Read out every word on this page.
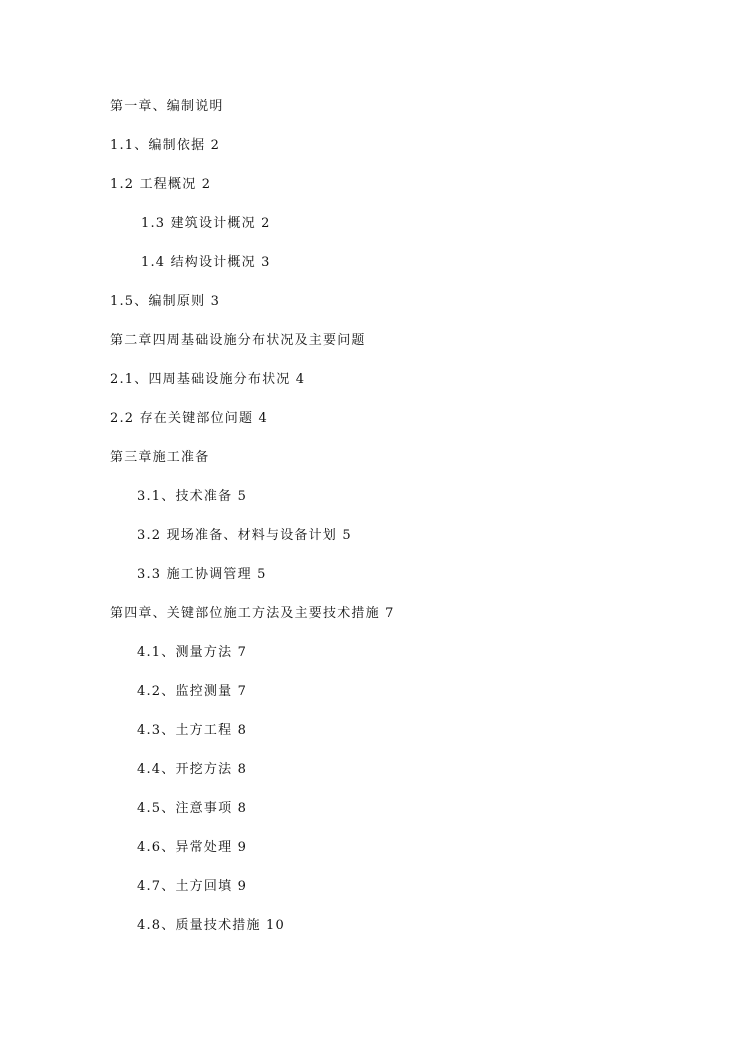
第一章、编制说明
1.1、编制依据 2
1.2 工程概况 2
1.3 建筑设计概况 2
1.4 结构设计概况 3
1.5、编制原则 3
第二章四周基础设施分布状况及主要问题
2.1、四周基础设施分布状况 4
2.2 存在关键部位问题 4
第三章施工准备
3.1、技术准备 5
3.2 现场准备、材料与设备计划 5
3.3 施工协调管理 5
第四章、关键部位施工方法及主要技术措施 7
4.1、测量方法 7
4.2、监控测量 7
4.3、土方工程 8
4.4、开挖方法 8
4.5、注意事项 8
4.6、异常处理 9
4.7、土方回填 9
4.8、质量技术措施 10
